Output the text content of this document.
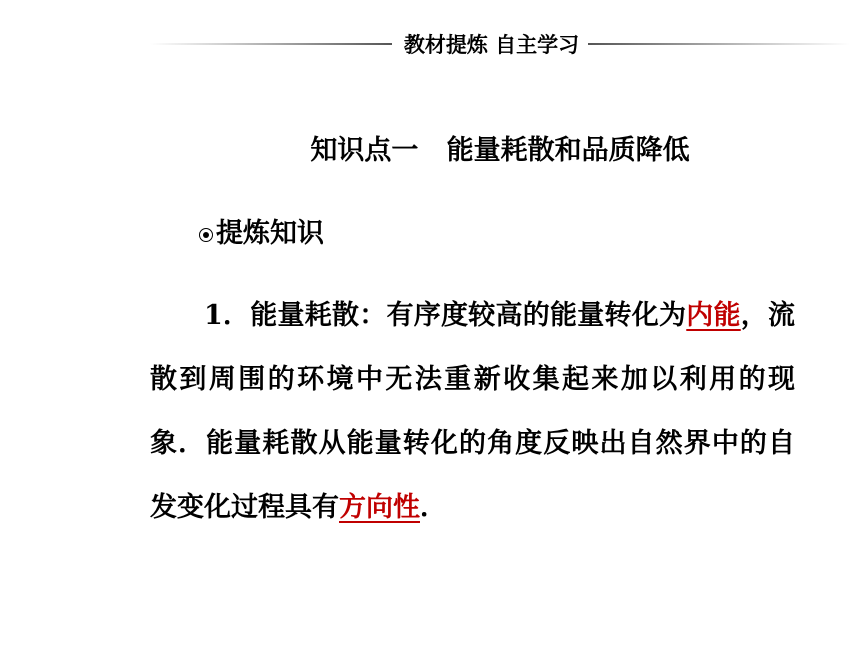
教材提炼 自主学习
知识点一   能量耗散和品质降低
提炼知识
1．能量耗散：有序度较高的能量转化为内能，流散到周围的环境中无法重新收集起来加以利用的现象．能量耗散从能量转化的角度反映出自然界中的自发变化过程具有方向性．
